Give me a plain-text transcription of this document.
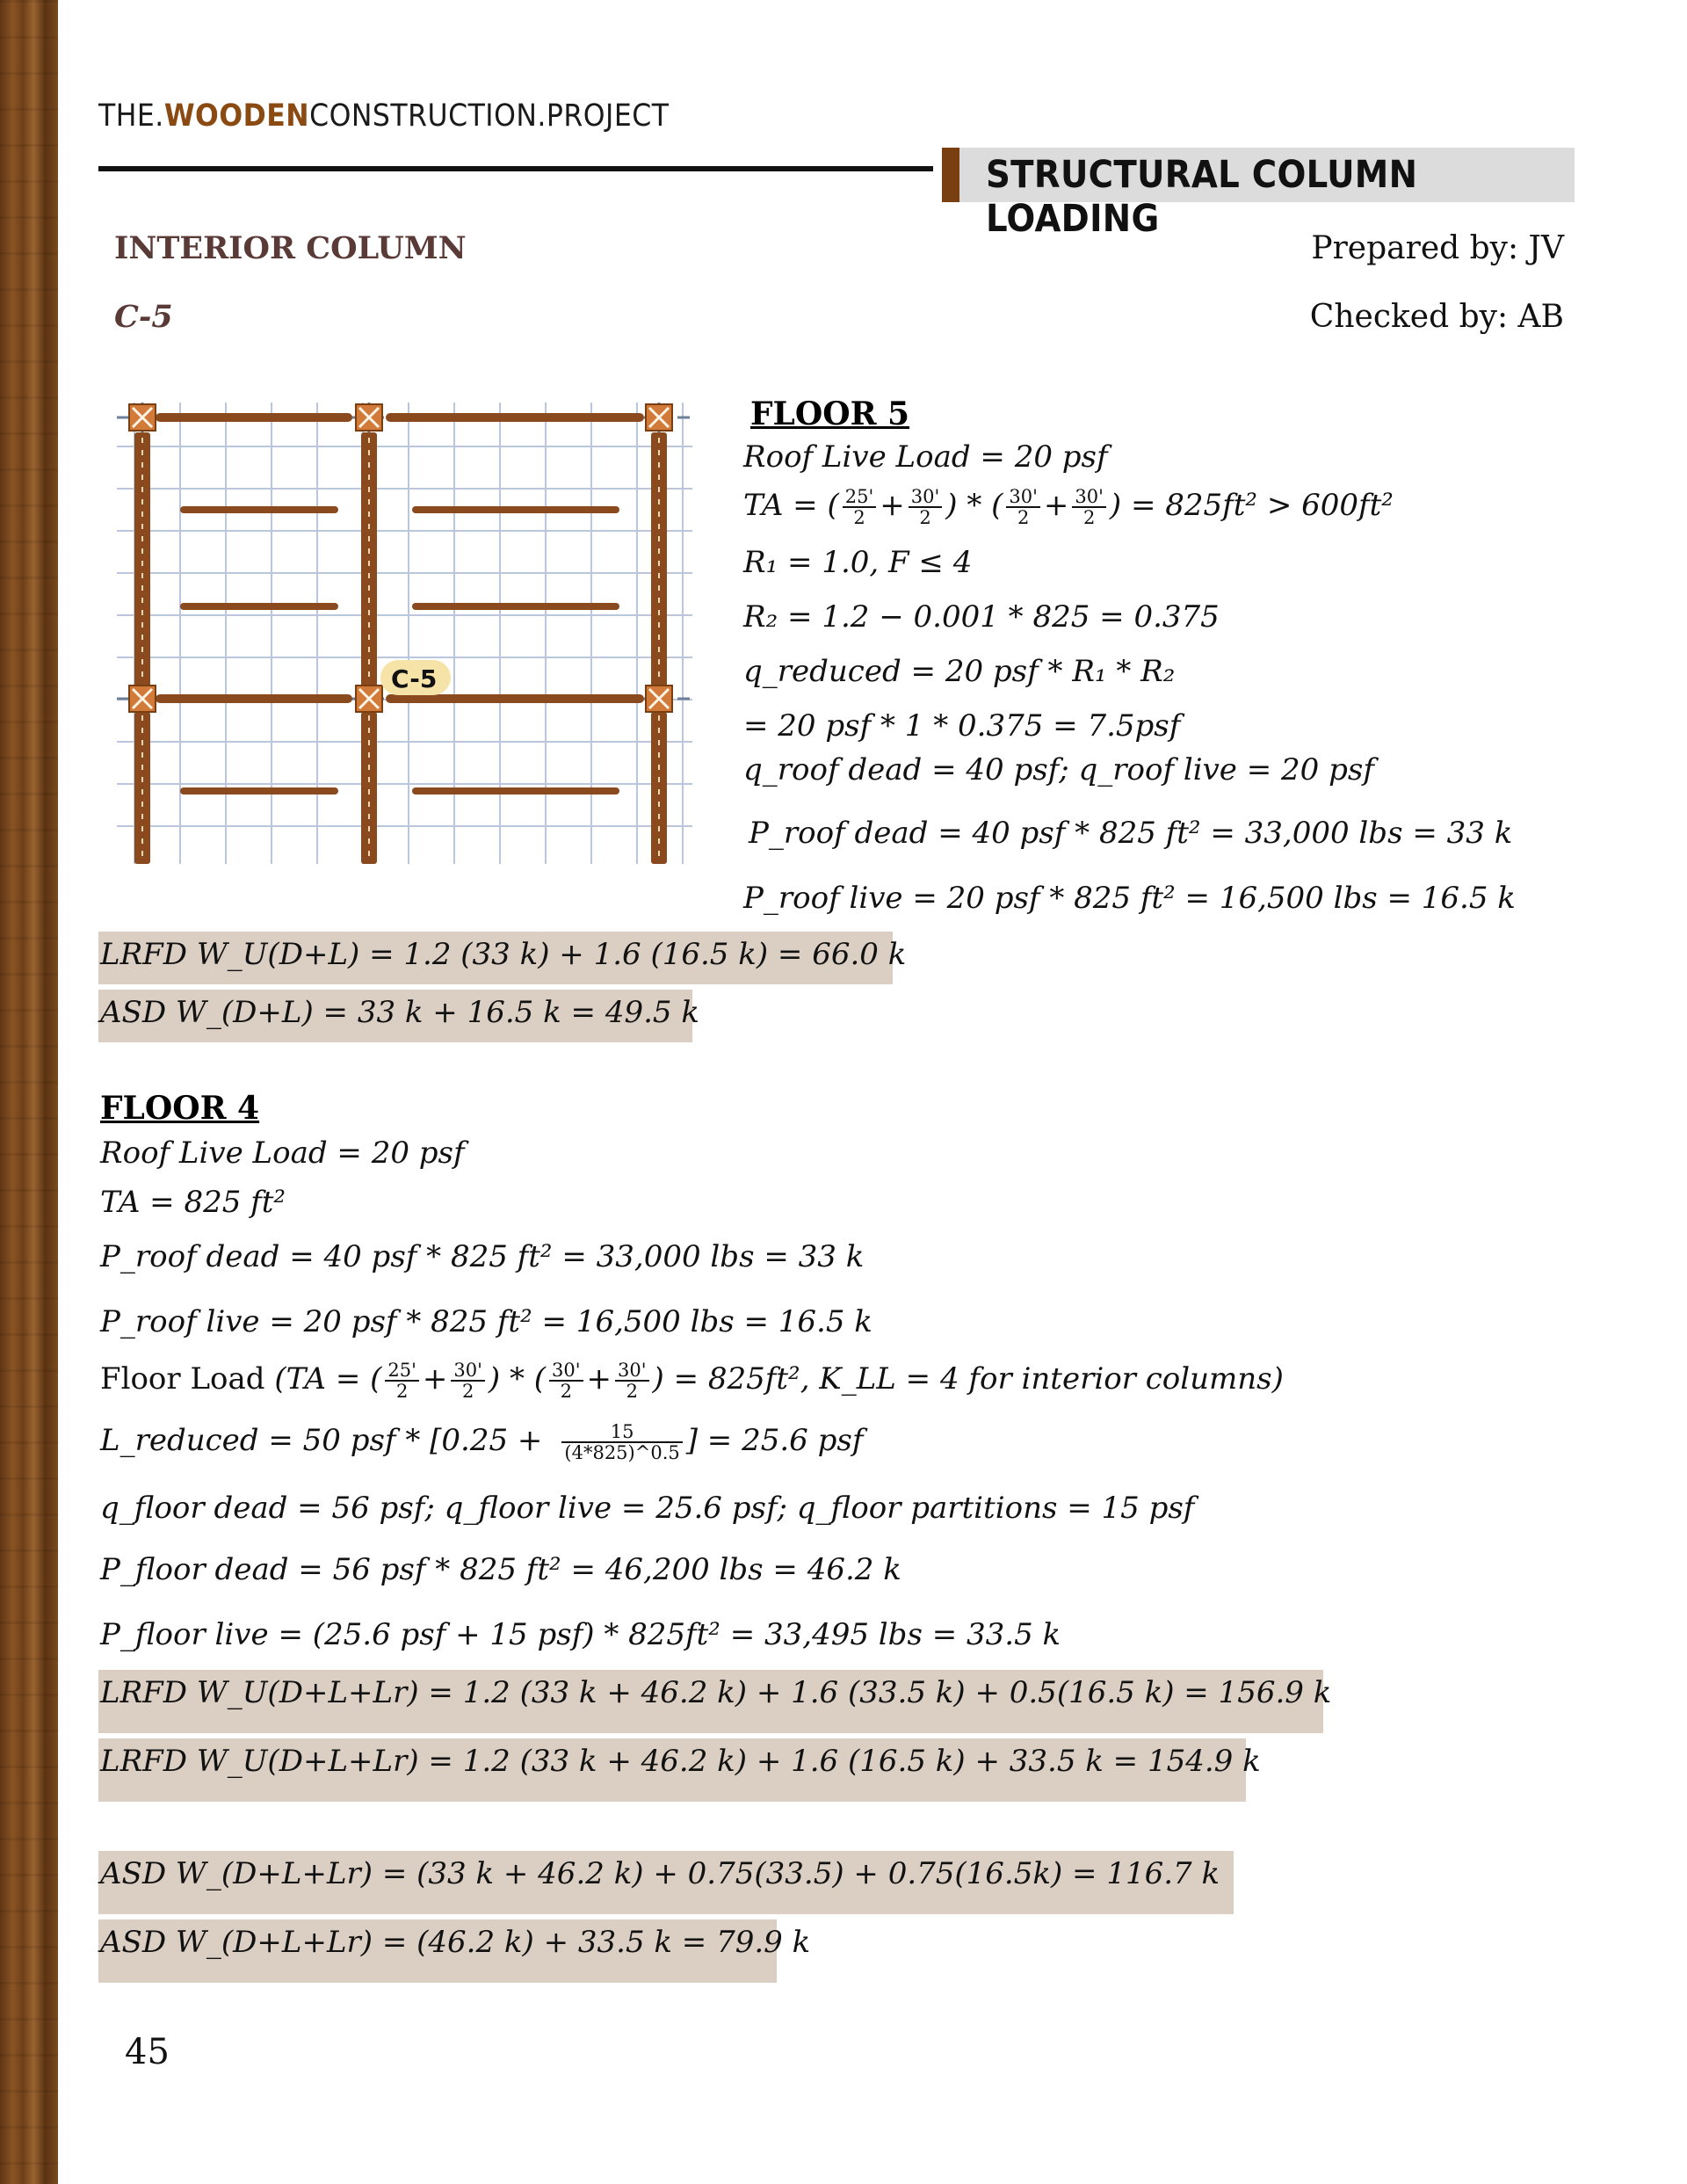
THE.WOODENCONSTRUCTION.PROJECT
STRUCTURAL COLUMN LOADING
INTERIOR COLUMN
C-5
Prepared by: JV
Checked by: AB
C-5
FLOOR 5
Roof Live Load = 20 psf
TA = ( $\frac{25'}{2} + \frac{30'}{2}$ ) * ( $\frac{30'}{2} + \frac{30'}{2}$ ) = 825ft² > 600ft²
R₁ = 1.0, F ≤ 4
R₂ = 1.2 − 0.001 * 825 = 0.375
q_reduced = 20 psf * R₁ * R₂
= 20 psf * 1 * 0.375 = 7.5psf
q_roof dead = 40 psf; q_roof live = 20 psf
P_roof dead = 40 psf * 825 ft² = 33,000 lbs = 33 k
P_roof live = 20 psf * 825 ft² = 16,500 lbs = 16.5 k
LRFD W_U(D+L) = 1.2 (33 k) + 1.6 (16.5 k) = 66.0 k
ASD W_(D+L) = 33 k + 16.5 k = 49.5 k
FLOOR 4
Roof Live Load = 20 psf
TA = 825 ft²
P_roof dead = 40 psf * 825 ft² = 33,000 lbs = 33 k
P_roof live = 20 psf * 825 ft² = 16,500 lbs = 16.5 k
Floor Load (TA = ( $\frac{25'}{2} + \frac{30'}{2}$ ) * ( $\frac{30'}{2} + \frac{30'}{2}$ ) = 825ft², K_LL = 4 for interior columns)
L_reduced = 50 psf * [$0.25 + \frac{15}{(4*825)\^{}0.5}$ ] = 25.6 psf
q_floor dead = 56 psf; q_floor live = 25.6 psf; q_floor partitions = 15 psf
P_floor dead = 56 psf * 825 ft² = 46,200 lbs = 46.2 k
P_floor live = (25.6 psf + 15 psf) * 825ft² = 33,495 lbs = 33.5 k
LRFD W_U(D+L+Lr) = 1.2 (33 k + 46.2 k) + 1.6 (33.5 k) + 0.5(16.5 k) = 156.9 k
LRFD W_U(D+L+Lr) = 1.2 (33 k + 46.2 k) + 1.6 (16.5 k) + 33.5 k = 154.9 k
ASD W_(D+L+Lr) = (33 k + 46.2 k) + 0.75(33.5) + 0.75(16.5k) = 116.7 k
ASD W_(D+L+Lr) = (46.2 k) + 33.5 k = 79.9 k
45
